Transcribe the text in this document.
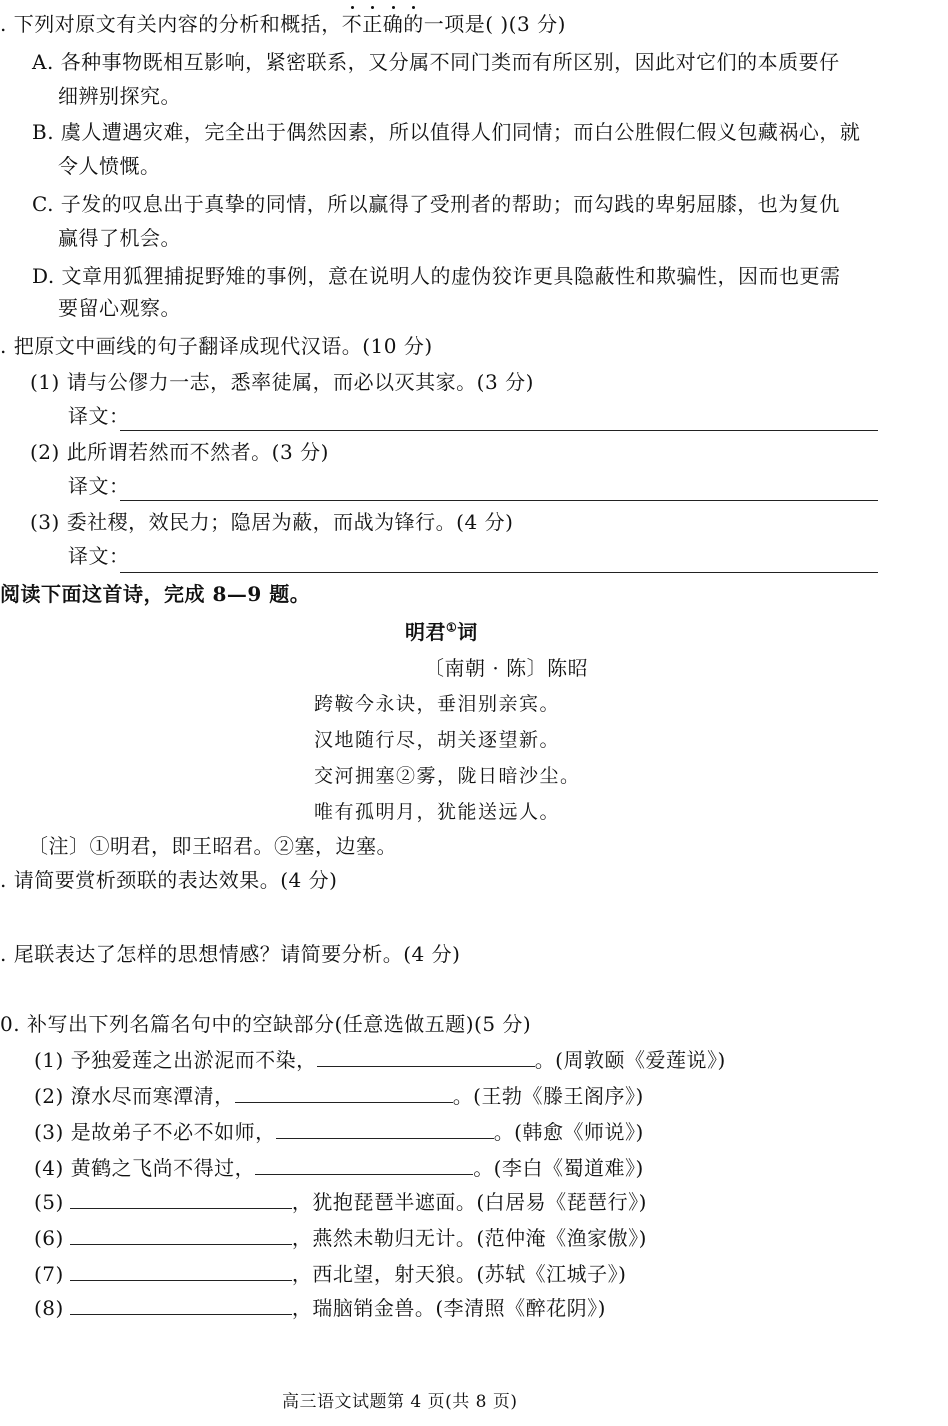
. 下列对原文有关内容的分析和概括，不正确的一项是( )(3 分)
A. 各种事物既相互影响，紧密联系，又分属不同门类而有所区别，因此对它们的本质要仔
细辨别探究。
B. 虞人遭遇灾难，完全出于偶然因素，所以值得人们同情；而白公胜假仁假义包藏祸心，就
令人愤慨。
C. 子发的叹息出于真挚的同情，所以赢得了受刑者的帮助；而勾践的卑躬屈膝，也为复仇
赢得了机会。
D. 文章用狐狸捕捉野雉的事例，意在说明人的虚伪狡诈更具隐蔽性和欺骗性，因而也更需
要留心观察。
. 把原文中画线的句子翻译成现代汉语。(10 分)
(1) 请与公僇力一志，悉率徒属，而必以灭其家。(3 分)
译文：
(2) 此所谓若然而不然者。(3 分)
译文：
(3) 委社稷，效民力；隐居为蔽，而战为锋行。(4 分)
译文：
阅读下面这首诗，完成 8—9 题。
明君①词
〔南朝 · 陈〕陈昭
跨鞍今永诀，垂泪别亲宾。
汉地随行尽，胡关逐望新。
交河拥塞②雾，陇日暗沙尘。
唯有孤明月，犹能送远人。
〔注〕①明君，即王昭君。②塞，边塞。
. 请简要赏析颈联的表达效果。(4 分)
. 尾联表达了怎样的思想情感？请简要分析。(4 分)
0. 补写出下列名篇名句中的空缺部分(任意选做五题)(5 分)
(1) 予独爱莲之出淤泥而不染，	。(周敦颐《爱莲说》)
(2) 潦水尽而寒潭清，	。(王勃《滕王阁序》)
(3) 是故弟子不必不如师，	。(韩愈《师说》)
(4) 黄鹤之飞尚不得过，	。(李白《蜀道难》)
(5)	，犹抱琵琶半遮面。(白居易《琵琶行》)
(6)	，燕然未勒归无计。(范仲淹《渔家傲》)
(7)	，西北望，射天狼。(苏轼《江城子》)
(8)	，瑞脑销金兽。(李清照《醉花阴》)
高三语文试题第 4 页(共 8 页)
